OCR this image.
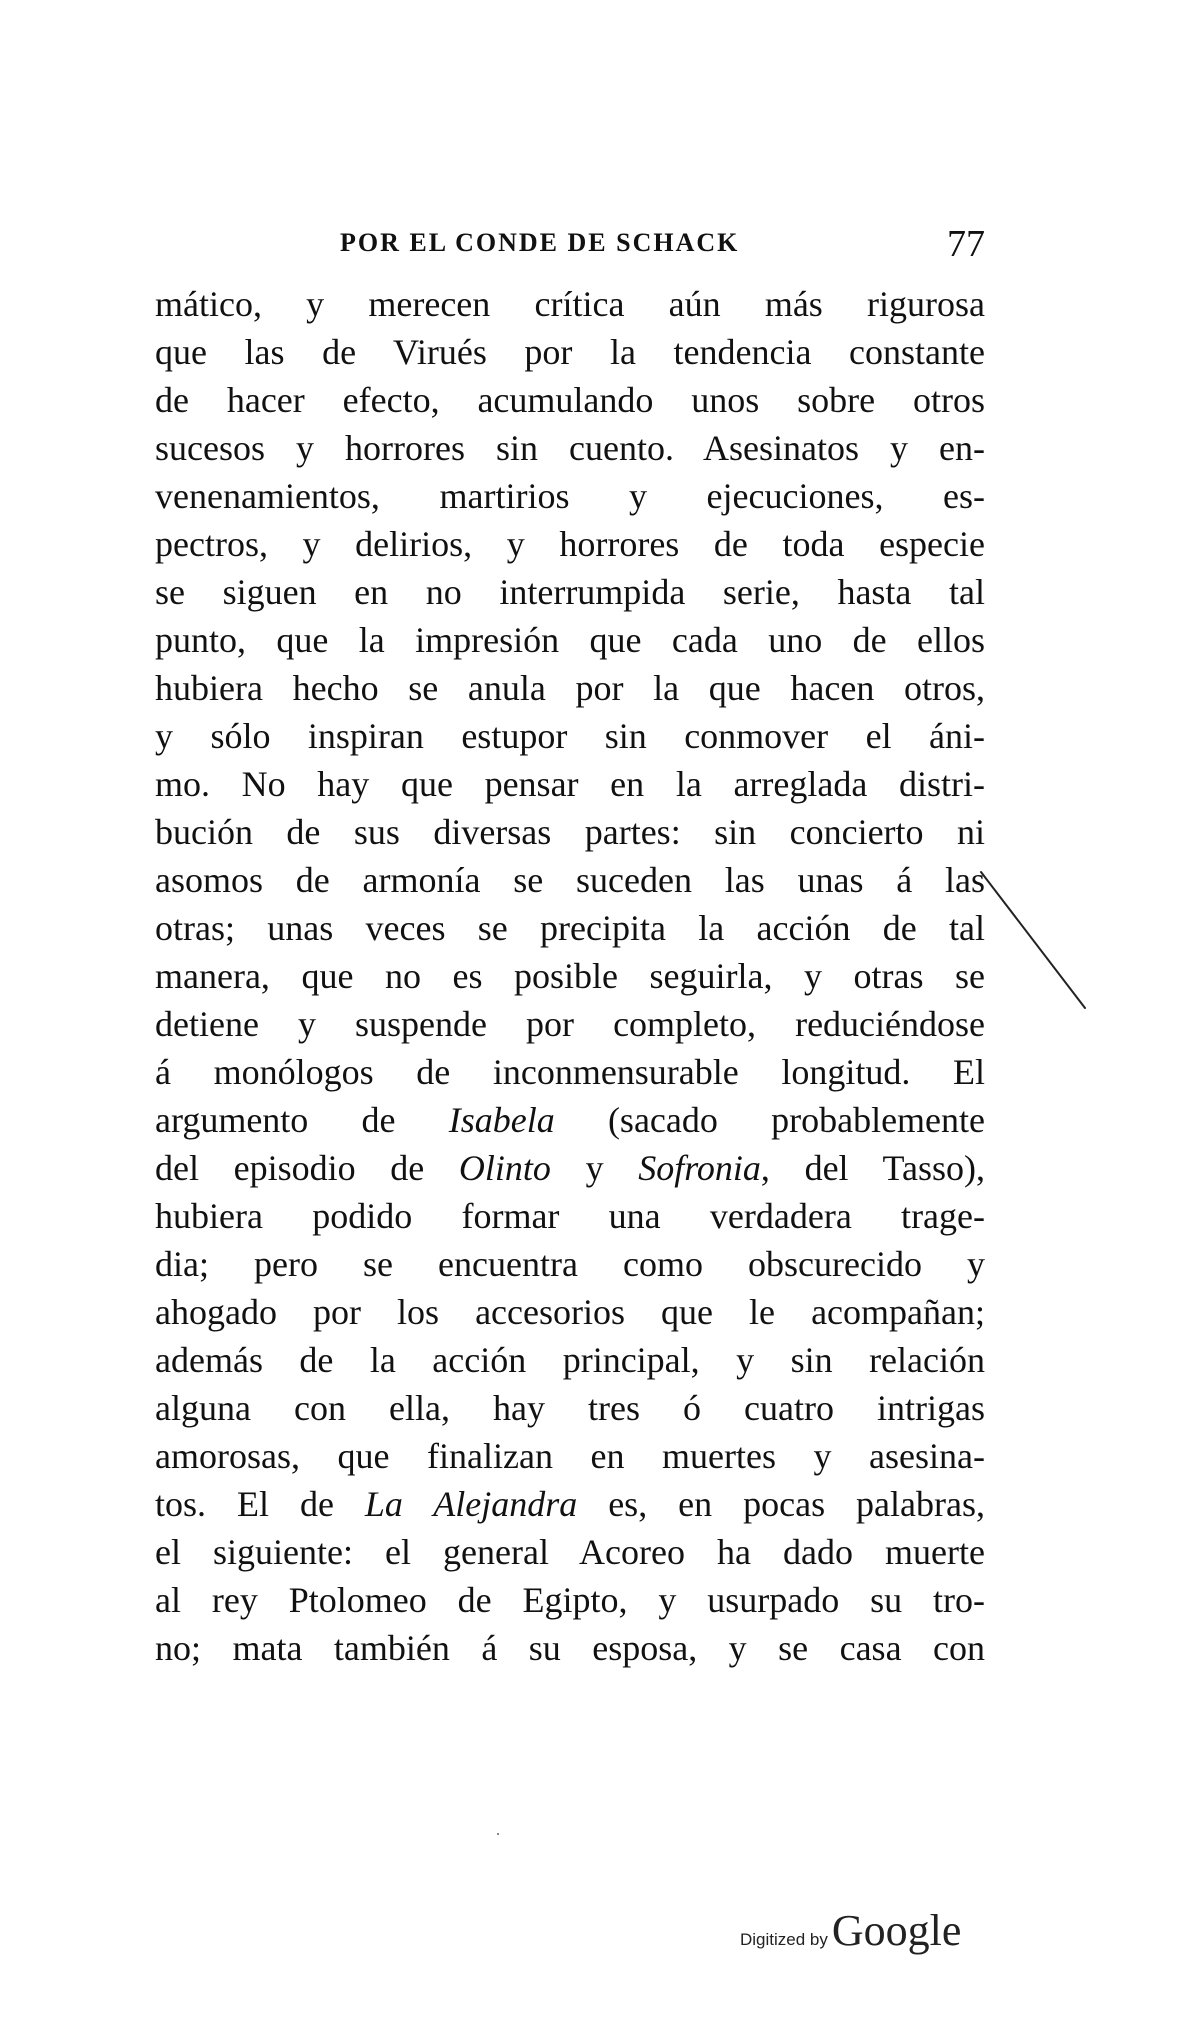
POR EL CONDE DE SCHACK	77
mático, y merecen crítica aún más rigurosa
que las de Virués por la tendencia constante
de hacer efecto, acumulando unos sobre otros
sucesos y horrores sin cuento. Asesinatos y en-
venenamientos, martirios y ejecuciones, es-
pectros, y delirios, y horrores de toda especie
se siguen en no interrumpida serie, hasta tal
punto, que la impresión que cada uno de ellos
hubiera hecho se anula por la que hacen otros,
y sólo inspiran estupor sin conmover el áni-
mo. No hay que pensar en la arreglada distri-
bución de sus diversas partes: sin concierto ni
asomos de armonía se suceden las unas á las
otras; unas veces se precipita la acción de tal
manera, que no es posible seguirla, y otras se
detiene y suspende por completo, reduciéndose
á monólogos de inconmensurable longitud. El
argumento de Isabela (sacado probablemente
del episodio de Olinto y Sofronia, del Tasso),
hubiera podido formar una verdadera trage-
dia; pero se encuentra como obscurecido y
ahogado por los accesorios que le acompañan;
además de la acción principal, y sin relación
alguna con ella, hay tres ó cuatro intrigas
amorosas, que finalizan en muertes y asesina-
tos. El de La Alejandra es, en pocas palabras,
el siguiente: el general Acoreo ha dado muerte
al rey Ptolomeo de Egipto, y usurpado su tro-
no; mata también á su esposa, y se casa con
Digitized byGoogle
